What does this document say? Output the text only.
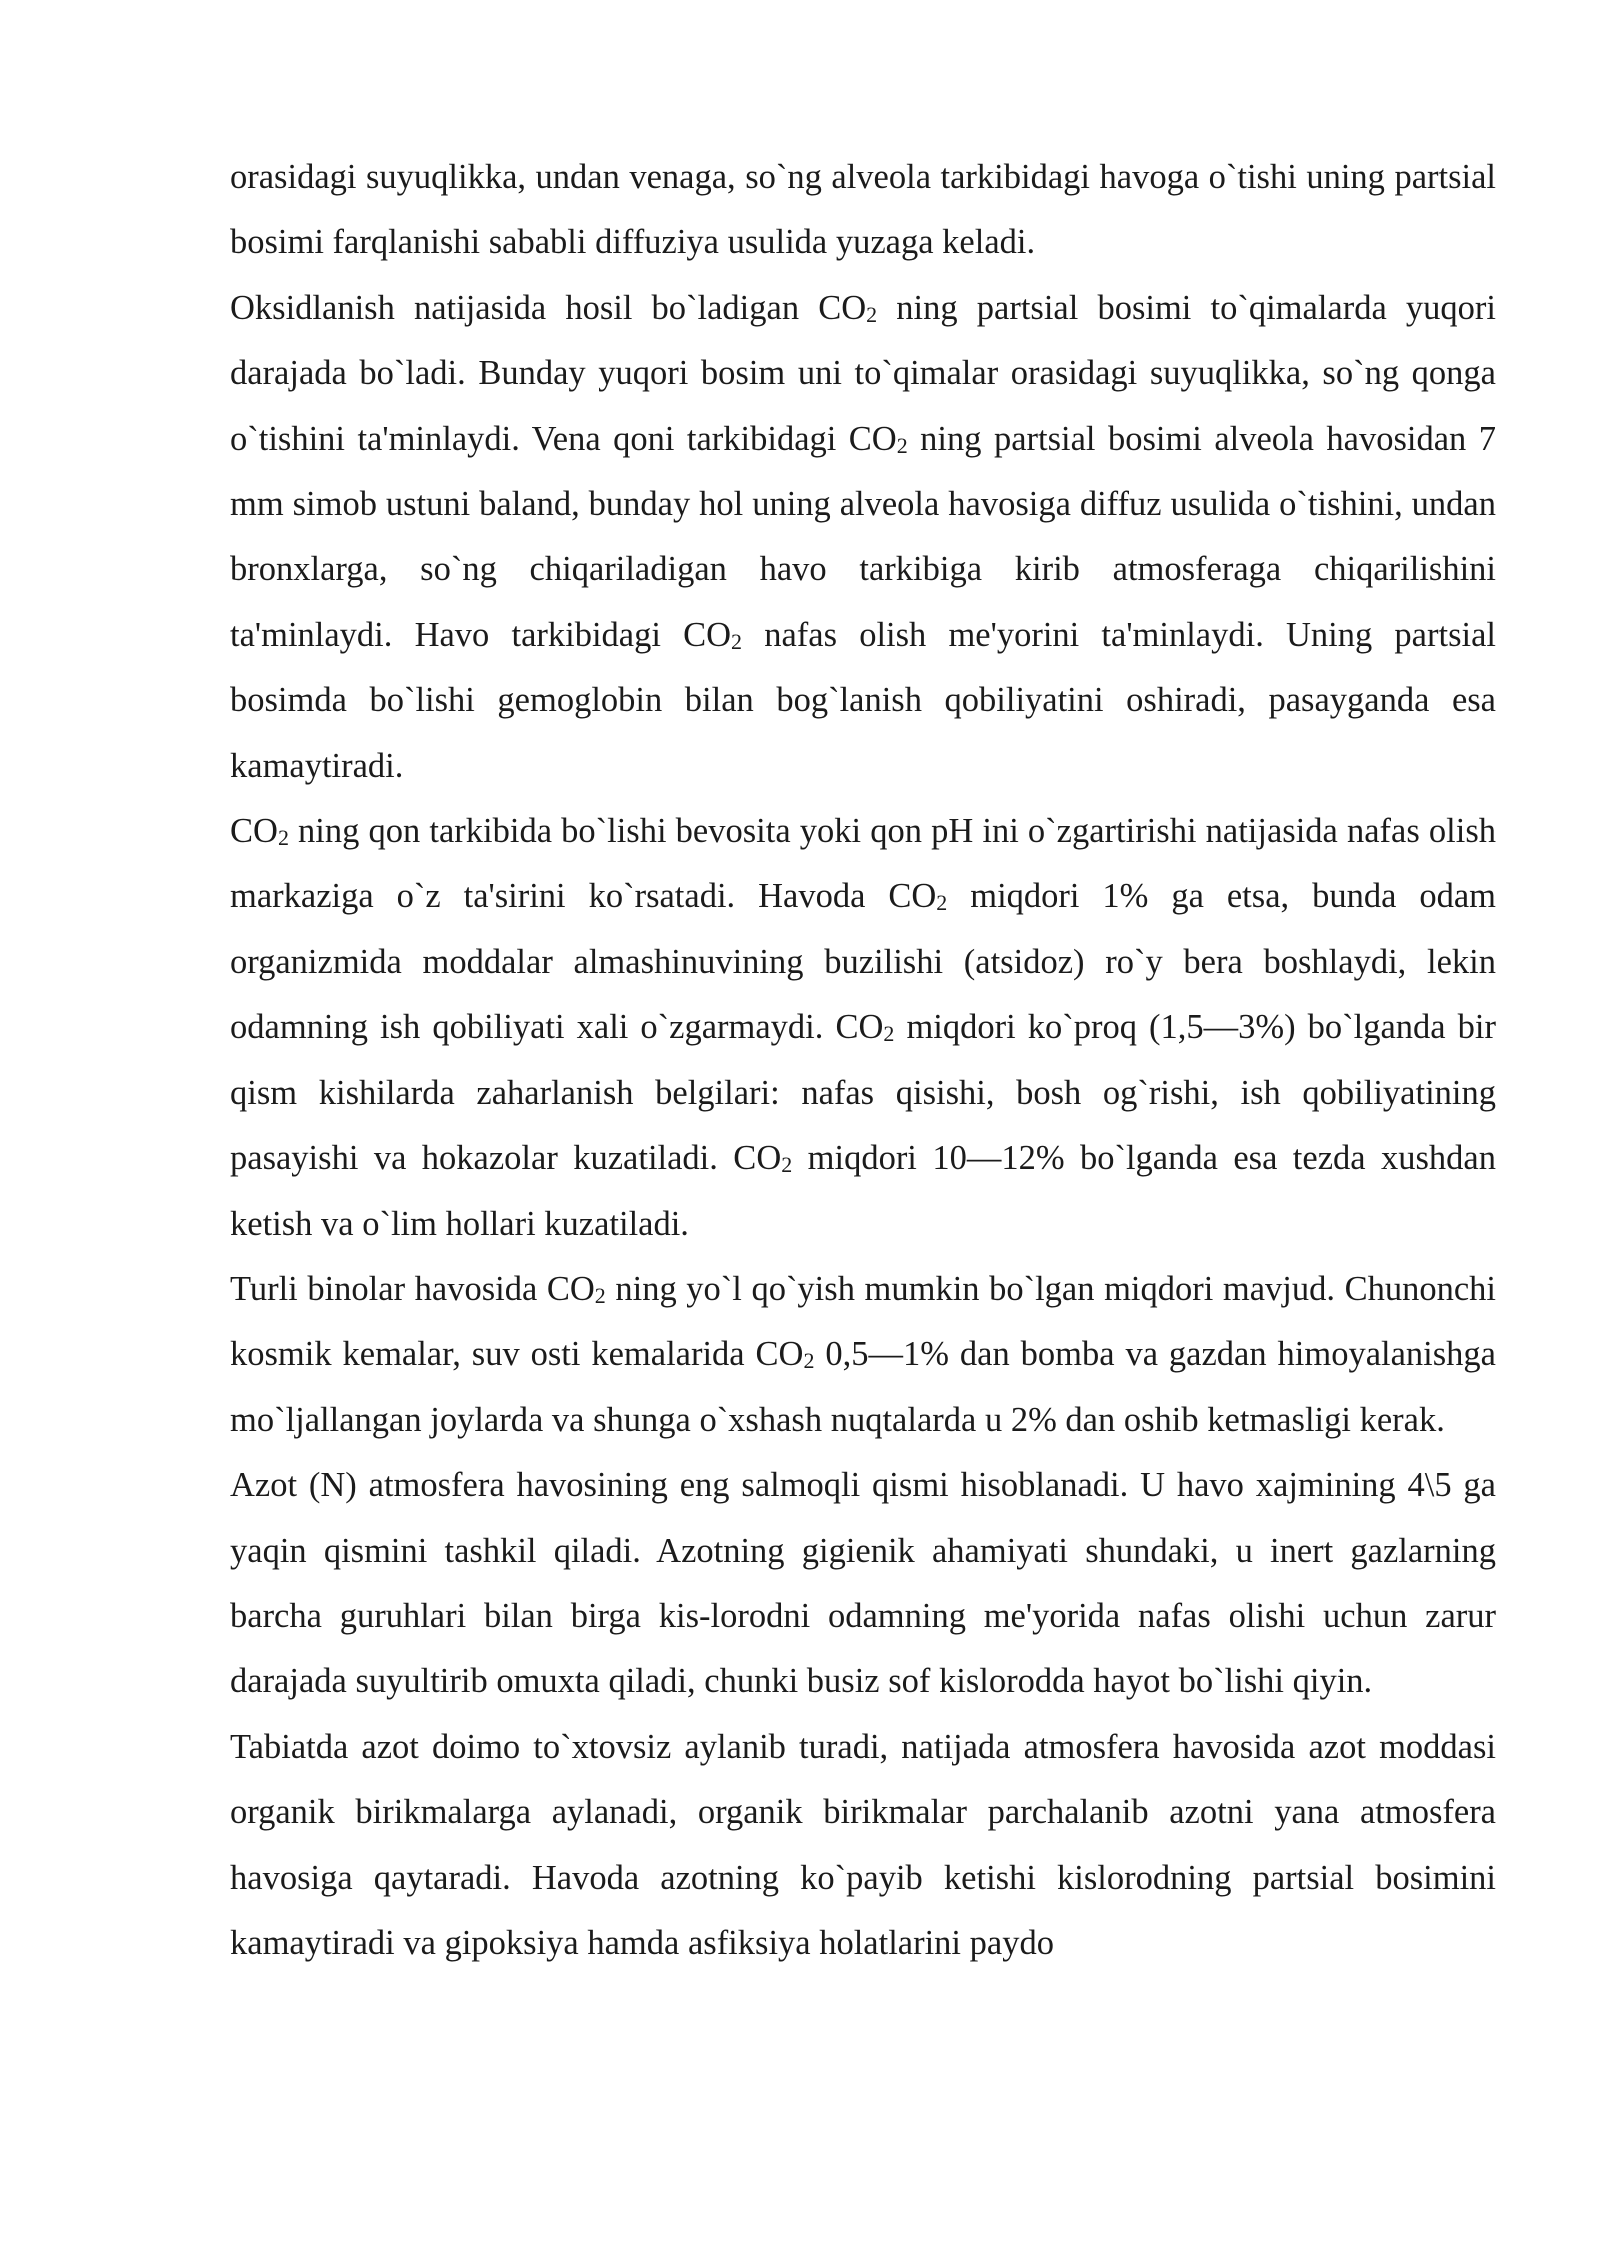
orasidagi suyuqlikka, undan venaga, so`ng alveola tarkibidagi havoga o`tishi uning partsial bosimi farqlanishi sababli diffuziya usulida yuzaga keladi.

Oksidlanish natijasida hosil bo`ladigan $CO_2$ ning partsial bosimi to`qimalarda yuqori darajada bo`ladi. Bunday yuqori bosim uni to`qimalar orasidagi suyuqlikka, so`ng qonga o`tishini ta'minlaydi. Vena qoni tarkibidagi $CO_2$ ning partsial bosimi alveola havosidan 7 mm simob ustuni baland, bunday hol uning alveola havosiga diffuz usulida o`tishini, undan bronxlarga, so`ng chiqariladigan havo tarkibiga kirib atmosferaga chiqarilishini ta'minlaydi. Havo tarkibidagi $CO_2$ nafas olish me'yorini ta'minlaydi. Uning partsial bosimda bo`lishi gemoglobin bilan bog`lanish qobiliyatini oshiradi, pasayganda esa kamaytiradi.

$CO_2$ ning qon tarkibida bo`lishi bevosita yoki qon pH ini o`zgartirishi natijasida nafas olish markaziga o`z ta'sirini ko`rsatadi. Havoda $CO_2$ miqdori 1% ga etsa, bunda odam organizmida moddalar almashinuvining buzilishi (atsidoz) ro`y bera boshlaydi, lekin odamning ish qobiliyati xali o`zgarmaydi. $CO_2$ miqdori ko`proq (1,5—3%) bo`lganda bir qism kishilarda zaharlanish belgilari: nafas qisishi, bosh og`rishi, ish qobiliyatining pasayishi va hokazolar kuzatiladi. $CO_2$ miqdori 10—12% bo`lganda esa tezda xushdan ketish va o`lim hollari kuzatiladi.

Turli binolar havosida $CO_2$ ning yo`l qo`yish mumkin bo`lgan miqdori mavjud. Chunonchi kosmik kemalar, suv osti kemalarida $CO_2$ 0,5—1% dan bomba va gazdan himoyalanishga mo`ljallangan joylarda va shunga o`xshash nuqtalarda u 2% dan oshib ketmasligi kerak.

Azot (N) atmosfera havosining eng salmoqli qismi hisoblanadi. U havo xajmining 4\5 ga yaqin qismini tashkil qiladi. Azotning gigienik ahamiyati shundaki, u inert gazlarning barcha guruhlari bilan birga kis-lorodni odamning me'yorida nafas olishi uchun zarur darajada suyultirib omuxta qiladi, chunki busiz sof kislorodda hayot bo`lishi qiyin.

Tabiatda azot doimo to`xtovsiz aylanib turadi, natijada atmosfera havosida azot moddasi organik birikmalarga aylanadi, organik birikmalar parchalanib azotni yana atmosfera havosiga qaytaradi. Havoda azotning ko`payib ketishi kislorodning partsial bosimini kamaytiradi va gipoksiya hamda asfiksiya holatlarini paydo
